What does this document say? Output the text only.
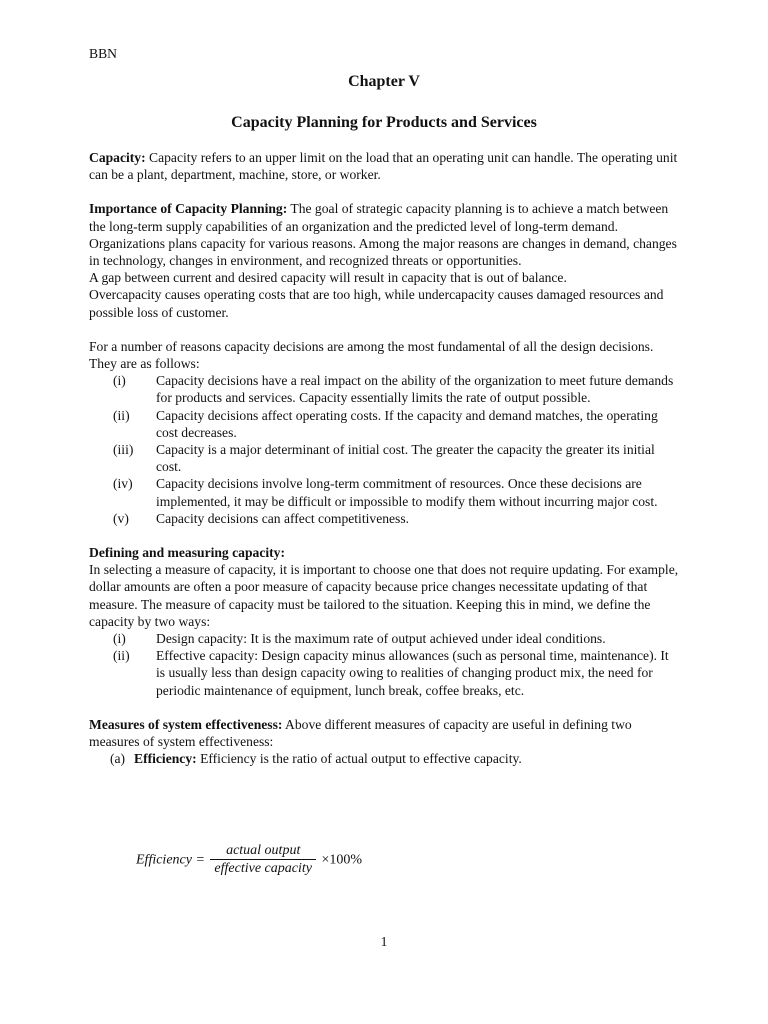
BBN
Chapter V
Capacity Planning for Products and Services

Capacity: Capacity refers to an upper limit on the load that an operating unit can handle. The operating unit can be a plant, department, machine, store, or worker.

Importance of Capacity Planning: The goal of strategic capacity planning is to achieve a match between the long-term supply capabilities of an organization and the predicted level of long-term demand.

Organizations plans capacity for various reasons. Among the major reasons are changes in demand, changes in technology, changes in environment, and recognized threats or opportunities.

A gap between current and desired capacity will result in capacity that is out of balance.

Overcapacity causes operating costs that are too high, while undercapacity causes damaged resources and possible loss of customer.

For a number of reasons capacity decisions are among the most fundamental of all the design decisions. They are as follows:

(i) Capacity decisions have a real impact on the ability of the organization to meet future demands for products and services. Capacity essentially limits the rate of output possible.
(ii) Capacity decisions affect operating costs. If the capacity and demand matches, the operating cost decreases.
(iii) Capacity is a major determinant of initial cost. The greater the capacity the greater its initial cost.
(iv) Capacity decisions involve long-term commitment of resources. Once these decisions are implemented, it may be difficult or impossible to modify them without incurring major cost.
(v) Capacity decisions can affect competitiveness.

Defining and measuring capacity:

In selecting a measure of capacity, it is important to choose one that does not require updating. For example, dollar amounts are often a poor measure of capacity because price changes necessitate updating of that measure. The measure of capacity must be tailored to the situation. Keeping this in mind, we define the capacity by two ways:

(i) Design capacity: It is the maximum rate of output achieved under ideal conditions.
(ii) Effective capacity: Design capacity minus allowances (such as personal time, maintenance). It is usually less than design capacity owing to realities of changing product mix, the need for periodic maintenance of equipment, lunch break, coffee breaks, etc.

Measures of system effectiveness: Above different measures of capacity are useful in defining two measures of system effectiveness:

(a) Efficiency: Efficiency is the ratio of actual output to effective capacity.

Efficiency = $\frac{\text{actual output}}{\text{effective capacity}} \times 100\%$
1
